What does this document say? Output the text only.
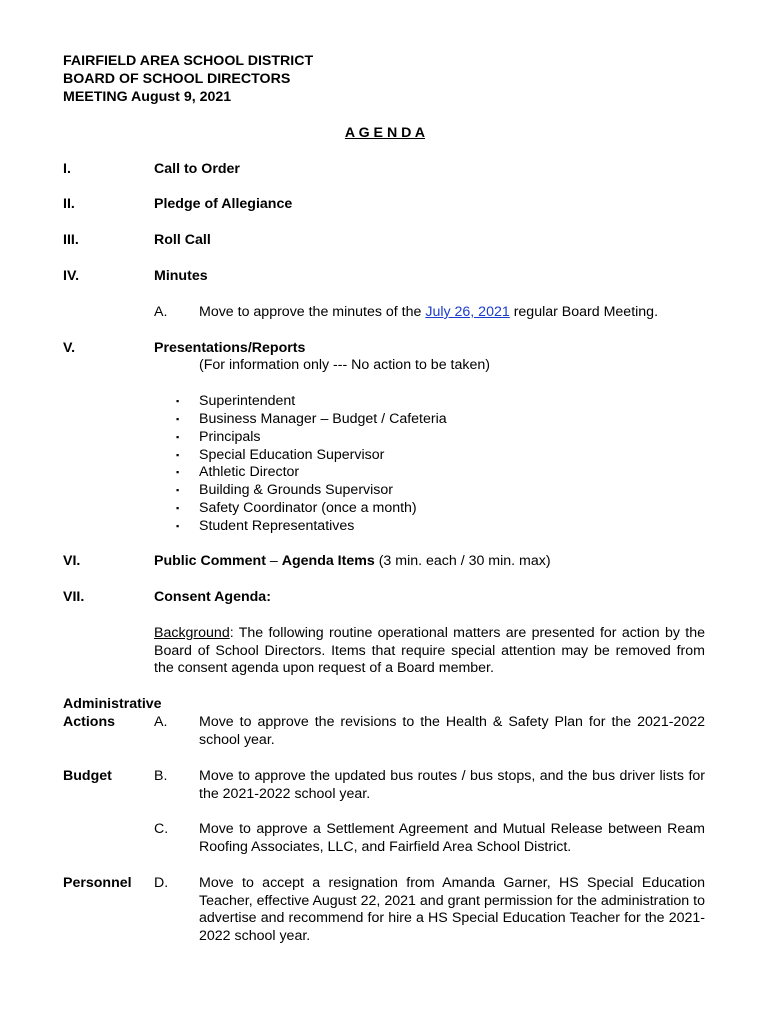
FAIRFIELD AREA SCHOOL DISTRICT
BOARD OF SCHOOL DIRECTORS
MEETING August 9, 2021
A G E N D A
I.	Call to Order
II.	Pledge of Allegiance
III.	Roll Call
IV.	Minutes
A. Move to approve the minutes of the July 26, 2021 regular Board Meeting.
V.	Presentations/Reports
(For information only --- No action to be taken)
▪	Superintendent
▪	Business Manager – Budget / Cafeteria
▪	Principals
▪	Special Education Supervisor
▪	Athletic Director
▪	Building & Grounds Supervisor
▪	Safety Coordinator (once a month)
▪	Student Representatives
VI.	Public Comment – Agenda Items (3 min. each / 30 min. max)
VII.	Consent Agenda:
Background: The following routine operational matters are presented for action by the Board of School Directors. Items that require special attention may be removed from the consent agenda upon request of a Board member.
Administrative
Actions	A. Move to approve the revisions to the Health & Safety Plan for the 2021-2022 school year.
Budget	B. Move to approve the updated bus routes / bus stops, and the bus driver lists for the 2021-2022 school year.
C. Move to approve a Settlement Agreement and Mutual Release between Ream Roofing Associates, LLC, and Fairfield Area School District.
Personnel D. Move to accept a resignation from Amanda Garner, HS Special Education Teacher, effective August 22, 2021 and grant permission for the administration to advertise and recommend for hire a HS Special Education Teacher for the 2021-2022 school year.
